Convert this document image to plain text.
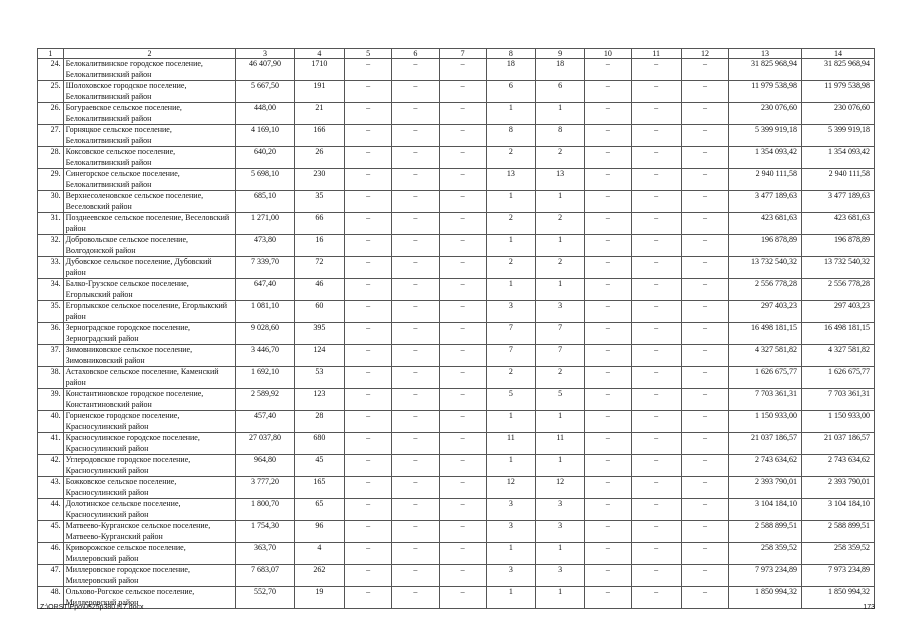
1	2	3	4	5	6	7	8	9	10	11	12	13	14
24.	Белокалитвинское городское поселение, Белокалитвинский район	46 407,90	1710	–	–	–	18	18	–	–	–	31 825 968,94	31 825 968,94
25.	Шолоховское городское поселение, Белокалитвинский район	5 667,50	191	–	–	–	6	6	–	–	–	11 979 538,98	11 979 538,98
26.	Богураевское сельское поселение, Белокалитвинский район	448,00	21	–	–	–	1	1	–	–	–	230 076,60	230 076,60
27.	Горняцкое сельское поселение, Белокалитвинский район	4 169,10	166	–	–	–	8	8	–	–	–	5 399 919,18	5 399 919,18
28.	Коксовское сельское поселение, Белокалитвинский район	640,20	26	–	–	–	2	2	–	–	–	1 354 093,42	1 354 093,42
29.	Синегорское сельское поселение, Белокалитвинский район	5 698,10	230	–	–	–	13	13	–	–	–	2 940 111,58	2 940 111,58
30.	Верхнесоленовское сельское поселение, Веселовский район	685,10	35	–	–	–	1	1	–	–	–	3 477 189,63	3 477 189,63
31.	Позднеевское сельское поселение, Веселовский район	1 271,00	66	–	–	–	2	2	–	–	–	423 681,63	423 681,63
32.	Добровольское сельское поселение, Волгодонской район	473,80	16	–	–	–	1	1	–	–	–	196 878,89	196 878,89
33.	Дубовское сельское поселение, Дубовский район	7 339,70	72	–	–	–	2	2	–	–	–	13 732 540,32	13 732 540,32
34.	Балко-Грузское сельское поселение, Егорлыкский район	647,40	46	–	–	–	1	1	–	–	–	2 556 778,28	2 556 778,28
35.	Егорлыкское сельское поселение, Егорлыкский район	1 081,10	60	–	–	–	3	3	–	–	–	297 403,23	297 403,23
36.	Зерноградское городское поселение, Зерноградский район	9 028,60	395	–	–	–	7	7	–	–	–	16 498 181,15	16 498 181,15
37.	Зимовниковское сельское поселение, Зимовниковский район	3 446,70	124	–	–	–	7	7	–	–	–	4 327 581,82	4 327 581,82
38.	Астаховское сельское поселение, Каменский район	1 692,10	53	–	–	–	2	2	–	–	–	1 626 675,77	1 626 675,77
39.	Константиновское городское поселение, Константиновский район	2 589,92	123	–	–	–	5	5	–	–	–	7 703 361,31	7 703 361,31
40.	Горненское городское поселение, Красносулинский район	457,40	28	–	–	–	1	1	–	–	–	1 150 933,00	1 150 933,00
41.	Красносулинское городское поселение, Красносулинский район	27 037,80	680	–	–	–	11	11	–	–	–	21 037 186,57	21 037 186,57
42.	Углеродовское городское поселение, Красносулинский район	964,80	45	–	–	–	1	1	–	–	–	2 743 634,62	2 743 634,62
43.	Божковское сельское поселение, Красносулинский район	3 777,20	165	–	–	–	12	12	–	–	–	2 393 790,01	2 393 790,01
44.	Долотинское сельское поселение, Красносулинский район	1 800,70	65	–	–	–	3	3	–	–	–	3 104 184,10	3 104 184,10
45.	Матвеево-Курганское сельское поселение, Матвеево-Курганский район	1 754,30	96	–	–	–	3	3	–	–	–	2 588 899,51	2 588 899,51
46.	Криворожское сельское поселение, Миллеровский район	363,70	4	–	–	–	1	1	–	–	–	258 359,52	258 359,52
47.	Миллеровское городское поселение, Миллеровский район	7 683,07	262	–	–	–	3	3	–	–	–	7 973 234,89	7 973 234,89
48.	Ольхово-Рогское сельское поселение, Миллеровский район	552,70	19	–	–	–	1	1	–	–	–	1 850 994,32	1 850 994,32
Z:\ORST\Ppo\0525p380.f17.docx	173
